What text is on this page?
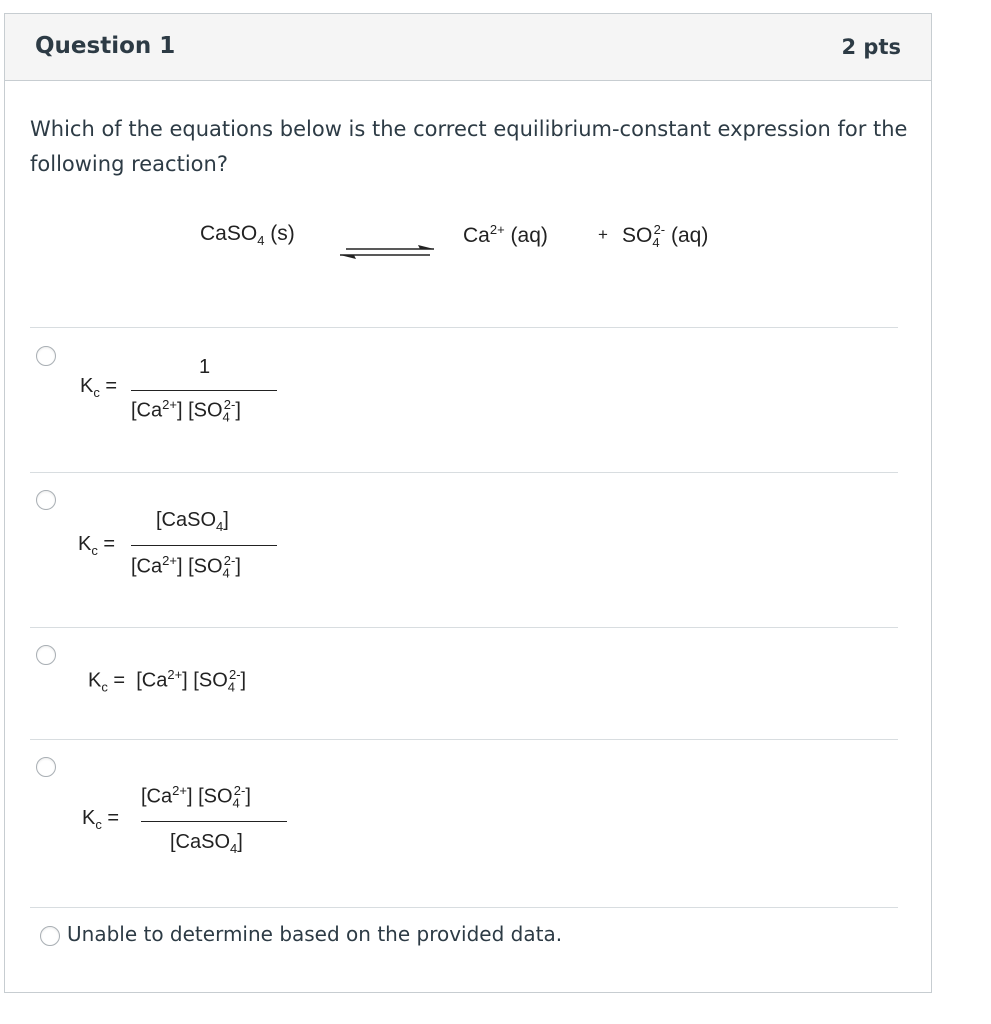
Question 1	2 pts
Which of the equations below is the correct equilibrium-constant expression for the following reaction?
CaSO$_4$ (s)	$Ca^{2+}$ (aq)	+ $SO_4^{2-}$ (aq)
$K_c$ =
1
$[Ca^{2+}]$ $[SO_4^{2-}]$
$K_c$ =
[CaSO$_4$]
$[Ca^{2+}]$ $[SO_4^{2-}]$
$K_c = [Ca^{2+}]$ $[SO_4^{2-}]$
$K_c$ =
$[Ca^{2+}]$ $[SO_4^{2-}]$
[CaSO$_4$]
Unable to determine based on the provided data.
